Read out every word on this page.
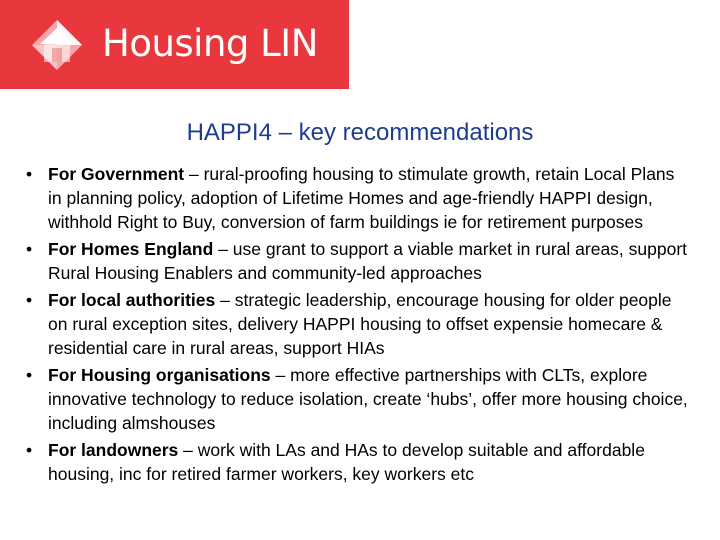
Housing LIN
HAPPI4 – key recommendations
• For Government – rural-proofing housing to stimulate growth, retain Local Plans in planning policy, adoption of Lifetime Homes and age-friendly HAPPI design, withhold Right to Buy, conversion of farm buildings ie for retirement purposes
• For Homes England – use grant to support a viable market in rural areas, support Rural Housing Enablers and community-led approaches
• For local authorities – strategic leadership, encourage housing for older people on rural exception sites, delivery HAPPI housing to offset expensie homecare & residential care in rural areas, support HIAs
• For Housing organisations – more effective partnerships with CLTs, explore innovative technology to reduce isolation, create ‘hubs’, offer more housing choice, including almshouses
• For landowners – work with LAs and HAs to develop suitable and affordable housing, inc for retired farmer workers, key workers etc
